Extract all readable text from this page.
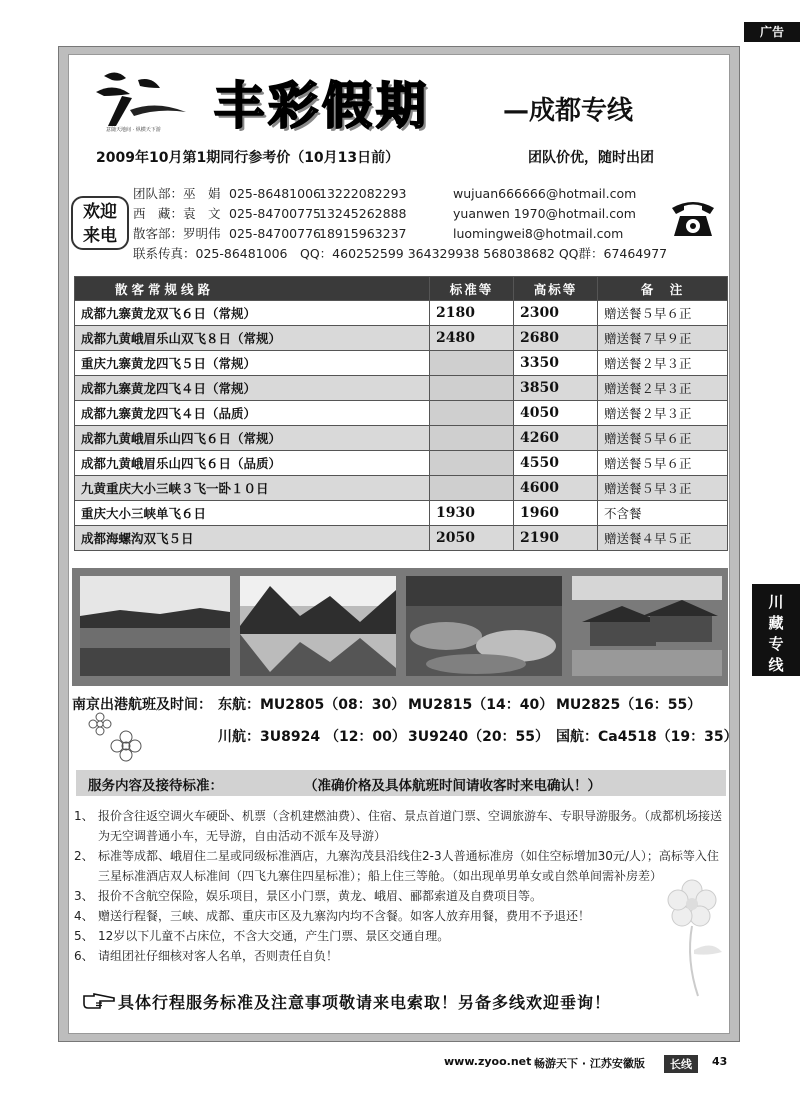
广告
川藏专线
意随天地间 · 纵横天下游 丰彩假期	—成都专线
2009年10月第1期同行参考价（10月13日前）	团队价优，随时出团
欢迎
来电
团队部：巫　娟 025-86481006
13222082293	wujuan666666@hotmail.com
西　藏：袁　文 025-84700775
13245262888	yuanwen 1970@hotmail.com
散客部：罗明伟 025-84700776
18915963237	luomingwei8@hotmail.com
联系传真：025-86481006　QQ：460252599 364329938 568038682 QQ群：67464977
散客常规线路	标准等	高标等	备　注
成都九寨黄龙双飞６日（常规）	2180	2300	赠送餐５早６正
成都九黄峨眉乐山双飞８日（常规）	2480	2680	赠送餐７早９正
重庆九寨黄龙四飞５日（常规）		3350	赠送餐２早３正
成都九寨黄龙四飞４日（常规）		3850	赠送餐２早３正
成都九寨黄龙四飞４日（品质）		4050	赠送餐２早３正
成都九黄峨眉乐山四飞６日（常规）		4260	赠送餐５早６正
成都九黄峨眉乐山四飞６日（品质）		4550	赠送餐５早６正
九黄重庆大小三峡３飞一卧１０日		4600	赠送餐５早３正
重庆大小三峡单飞６日	1930	1960	不含餐
成都海螺沟双飞５日	2050	2190	赠送餐４早５正
南京出港航班及时间： 东航：MU2805（08：30） MU2815（14：40） MU2825（16：55）
川航：3U8924 （12：00） 3U9240（20：55） 国航：Ca4518（19：35）
服务内容及接待标准：	（准确价格及具体航班时间请收客时来电确认！）
1、 报价含往返空调火车硬卧、机票（含机建燃油费）、住宿、景点首道门票、空调旅游车、专职导游服务。（成都机场接送为无空调普通小车，无导游，自由活动不派车及导游）
2、 标准等成都、峨眉住二星或同级标准酒店，九寨沟茂县沿线住2-3人普通标准房（如住空标增加30元/人）；高标等入住三星标准酒店双人标准间（四飞九寨住四星标准）；船上住三等舱。（如出现单男单女或自然单间需补房差）
3、 报价不含航空保险，娱乐项目，景区小门票，黄龙、峨眉、郦都索道及自费项目等。
4、 赠送行程餐，三峡、成都、重庆市区及九寨沟内均不含餐。如客人放弃用餐，费用不予退还！
5、 12岁以下儿童不占床位，不含大交通，产生门票、景区交通自理。
6、 请组团社仔细核对客人名单，否则责任自负！
具体行程服务标准及注意事项敬请来电索取！另备多线欢迎垂询！
www.zyoo.net 畅游天下 · 江苏安徽版	长线	43
